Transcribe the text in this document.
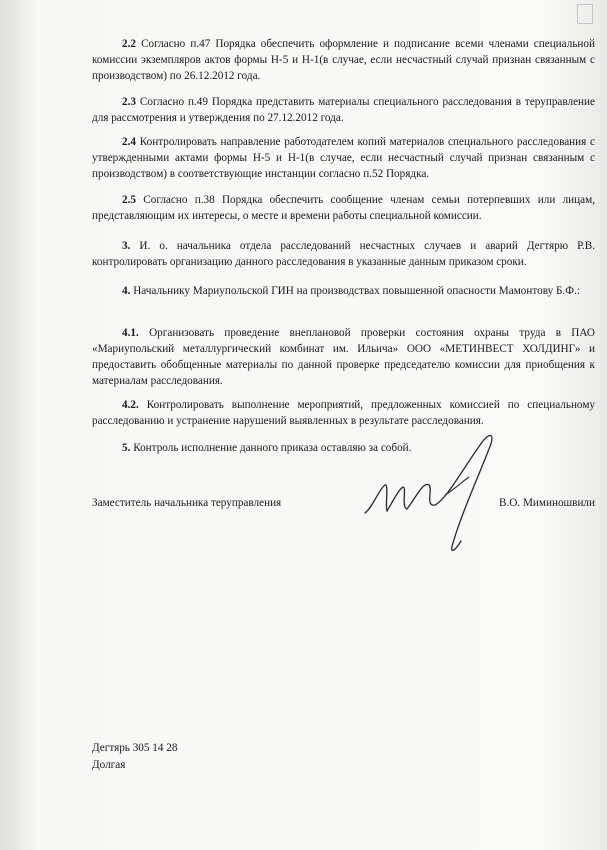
2.2 Согласно п.47 Порядка обеспечить оформление и подписание всеми членами специальной комиссии экземпляров актов формы Н-5 и Н-1(в случае, если несчастный случай признан связанным с производством) по 26.12.2012 года.
2.3 Согласно п.49 Порядка представить материалы специального расследования в теруправление для рассмотрения и утверждения по 27.12.2012 года.
2.4 Контролировать направление работодателем копий материалов специального расследования с утвержденными актами формы Н-5 и Н-1(в случае, если несчастный случай признан связанным с производством) в соответствующие инстанции согласно п.52 Порядка.
2.5 Согласно п.38 Порядка обеспечить сообщение членам семьи потерпевших или лицам, представляющим их интересы, о месте и времени работы специальной комиссии.
3. И. о. начальника отдела расследований несчастных случаев и аварий Дегтярю Р.В. контролировать организацию данного расследования в указанные данным приказом сроки.
4. Начальнику Мариупольской ГИН на производствах повышенной опасности Мамонтову Б.Ф.:
4.1. Организовать проведение внеплановой проверки состояния охраны труда в ПАО «Мариупольский металлургический комбинат им. Ильича» ООО «МЕТИНВЕСТ ХОЛДИНГ» и предоставить обобщенные материалы по данной проверке председателю комиссии для приобщения к материалам расследования.
4.2. Контролировать выполнение мероприятий, предложенных комиссией по специальному расследованию и устранение нарушений выявленных в результате расследования.
5. Контроль исполнение данного приказа оставляю за собой.
Заместитель начальника теруправления	В.О. Миминошвили
Дегтярь 305 14 28
Долгая
